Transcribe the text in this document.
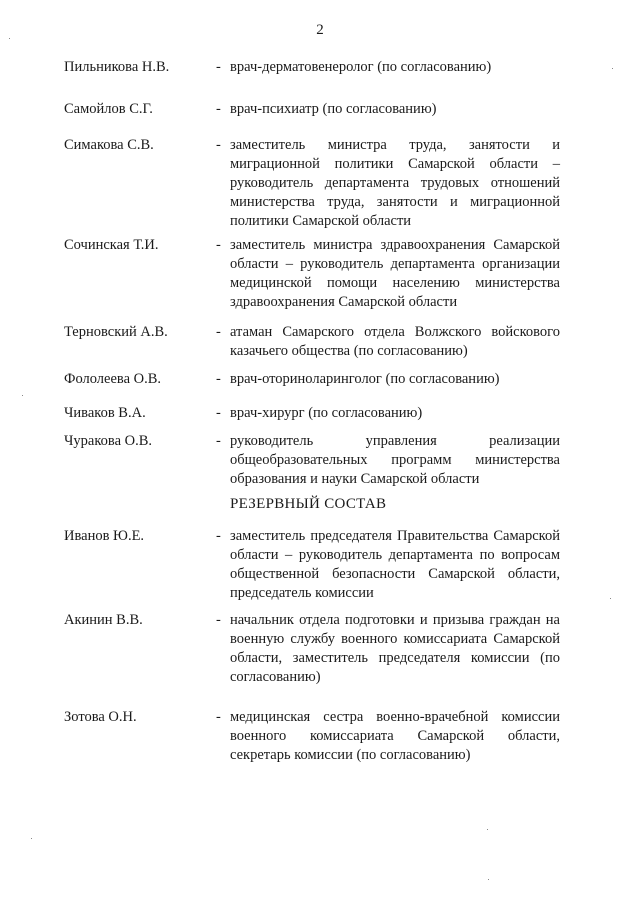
2
Пильникова Н.В.	- врач-дерматовенеролог (по согласованию)
Самойлов С.Г.	- врач-психиатр (по согласованию)
Симакова С.В.	- заместитель министра труда, занятости и миграционной политики Самарской области – руководитель департамента трудовых отношений министерства труда, занятости и миграционной политики Самарской области
Сочинская Т.И.	- заместитель министра здравоохранения Самарской области – руководитель департамента организации медицинской помощи населению министерства здравоохранения Самарской области
Терновский А.В.	- атаман Самарского отдела Волжского войскового казачьего общества (по согласованию)
Фололеева О.В.	- врач-оториноларинголог (по согласованию)
Чиваков В.А.	- врач-хирург (по согласованию)
Чуракова О.В.	- руководитель управления реализации общеобразовательных программ министерства образования и науки Самарской области
РЕЗЕРВНЫЙ СОСТАВ
Иванов Ю.Е.	- заместитель председателя Правительства Самарской области – руководитель департамента по вопросам общественной безопасности Самарской области, председатель комиссии
Акинин В.В.	- начальник отдела подготовки и призыва граждан на военную службу военного комиссариата Самарской области, заместитель председателя комиссии (по согласованию)
Зотова О.Н.	- медицинская сестра военно-врачебной комиссии военного комиссариата Самарской области, секретарь комиссии (по согласованию)
